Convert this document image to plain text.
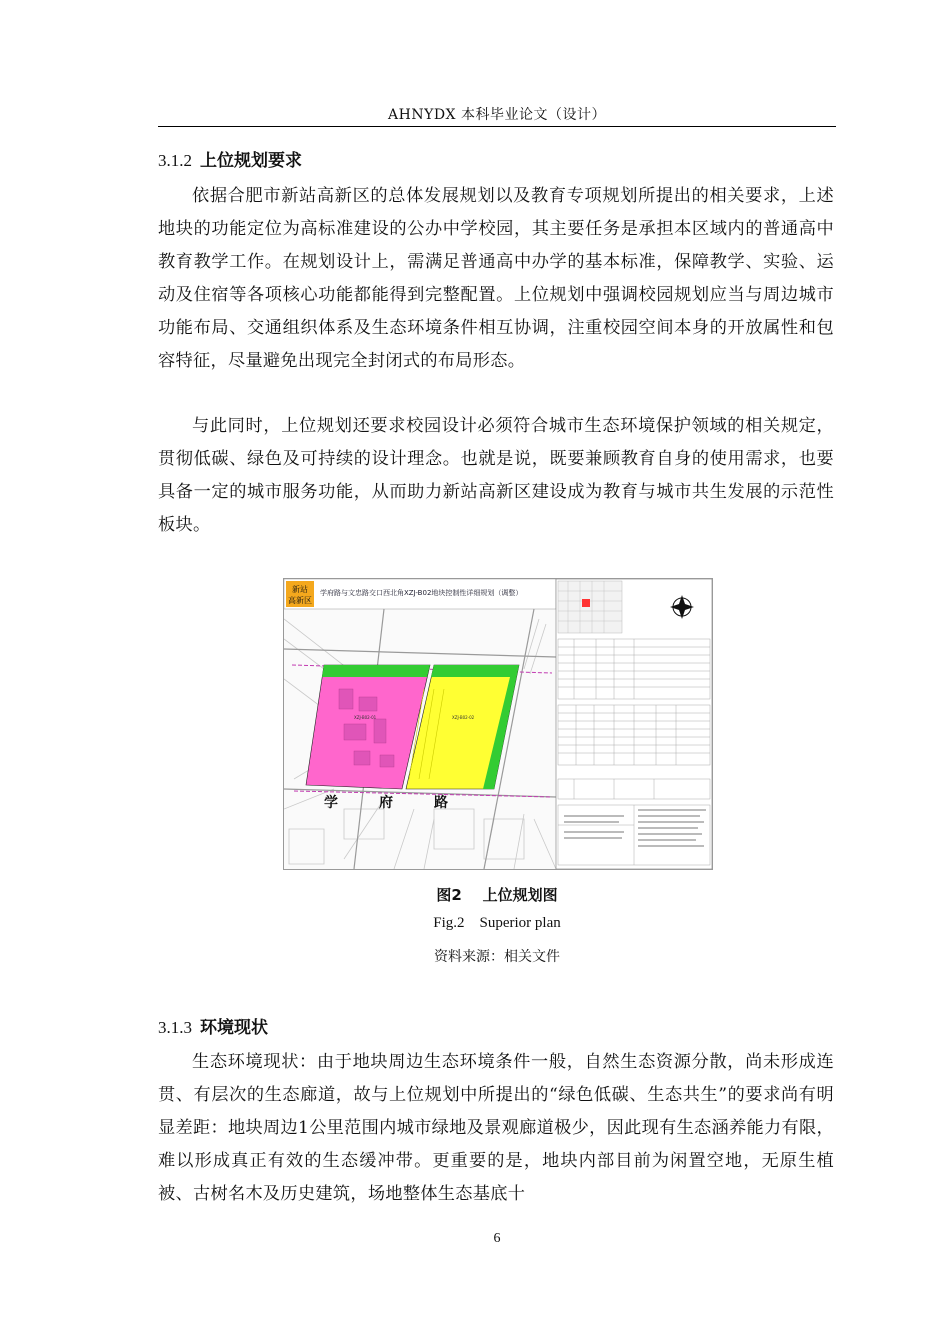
AHNYDX 本科毕业论文（设计）
3.1.2 上位规划要求

依据合肥市新站高新区的总体发展规划以及教育专项规划所提出的相关要求，上述地块的功能定位为高标准建设的公办中学校园，其主要任务是承担本区域内的普通高中教育教学工作。在规划设计上，需满足普通高中办学的基本标准，保障教学、实验、运动及住宿等各项核心功能都能得到完整配置。上位规划中强调校园规划应当与周边城市功能布局、交通组织体系及生态环境条件相互协调，注重校园空间本身的开放属性和包容特征，尽量避免出现完全封闭式的布局形态。

与此同时，上位规划还要求校园设计必须符合城市生态环境保护领域的相关规定，贯彻低碳、绿色及可持续的设计理念。也就是说，既要兼顾教育自身的使用需求，也要具备一定的城市服务功能，从而助力新站高新区建设成为教育与城市共生发展的示范性板块。

新站
高新区
学府路与文忠路交口西北角XZJ-B02地块控制性详细规划（调整）
XZJ-B02-01	XZJ-B02-02
学	府	路
图2    上位规划图
Fig.2    Superior plan
资料来源：相关文件
3.1.3 环境现状

生态环境现状：由于地块周边生态环境条件一般，自然生态资源分散，尚未形成连贯、有层次的生态廊道，故与上位规划中所提出的“绿色低碳、生态共生”的要求尚有明显差距：地块周边1公里范围内城市绿地及景观廊道极少，因此现有生态涵养能力有限，难以形成真正有效的生态缓冲带。更重要的是，地块内部目前为闲置空地，无原生植被、古树名木及历史建筑，场地整体生态基底十

6
